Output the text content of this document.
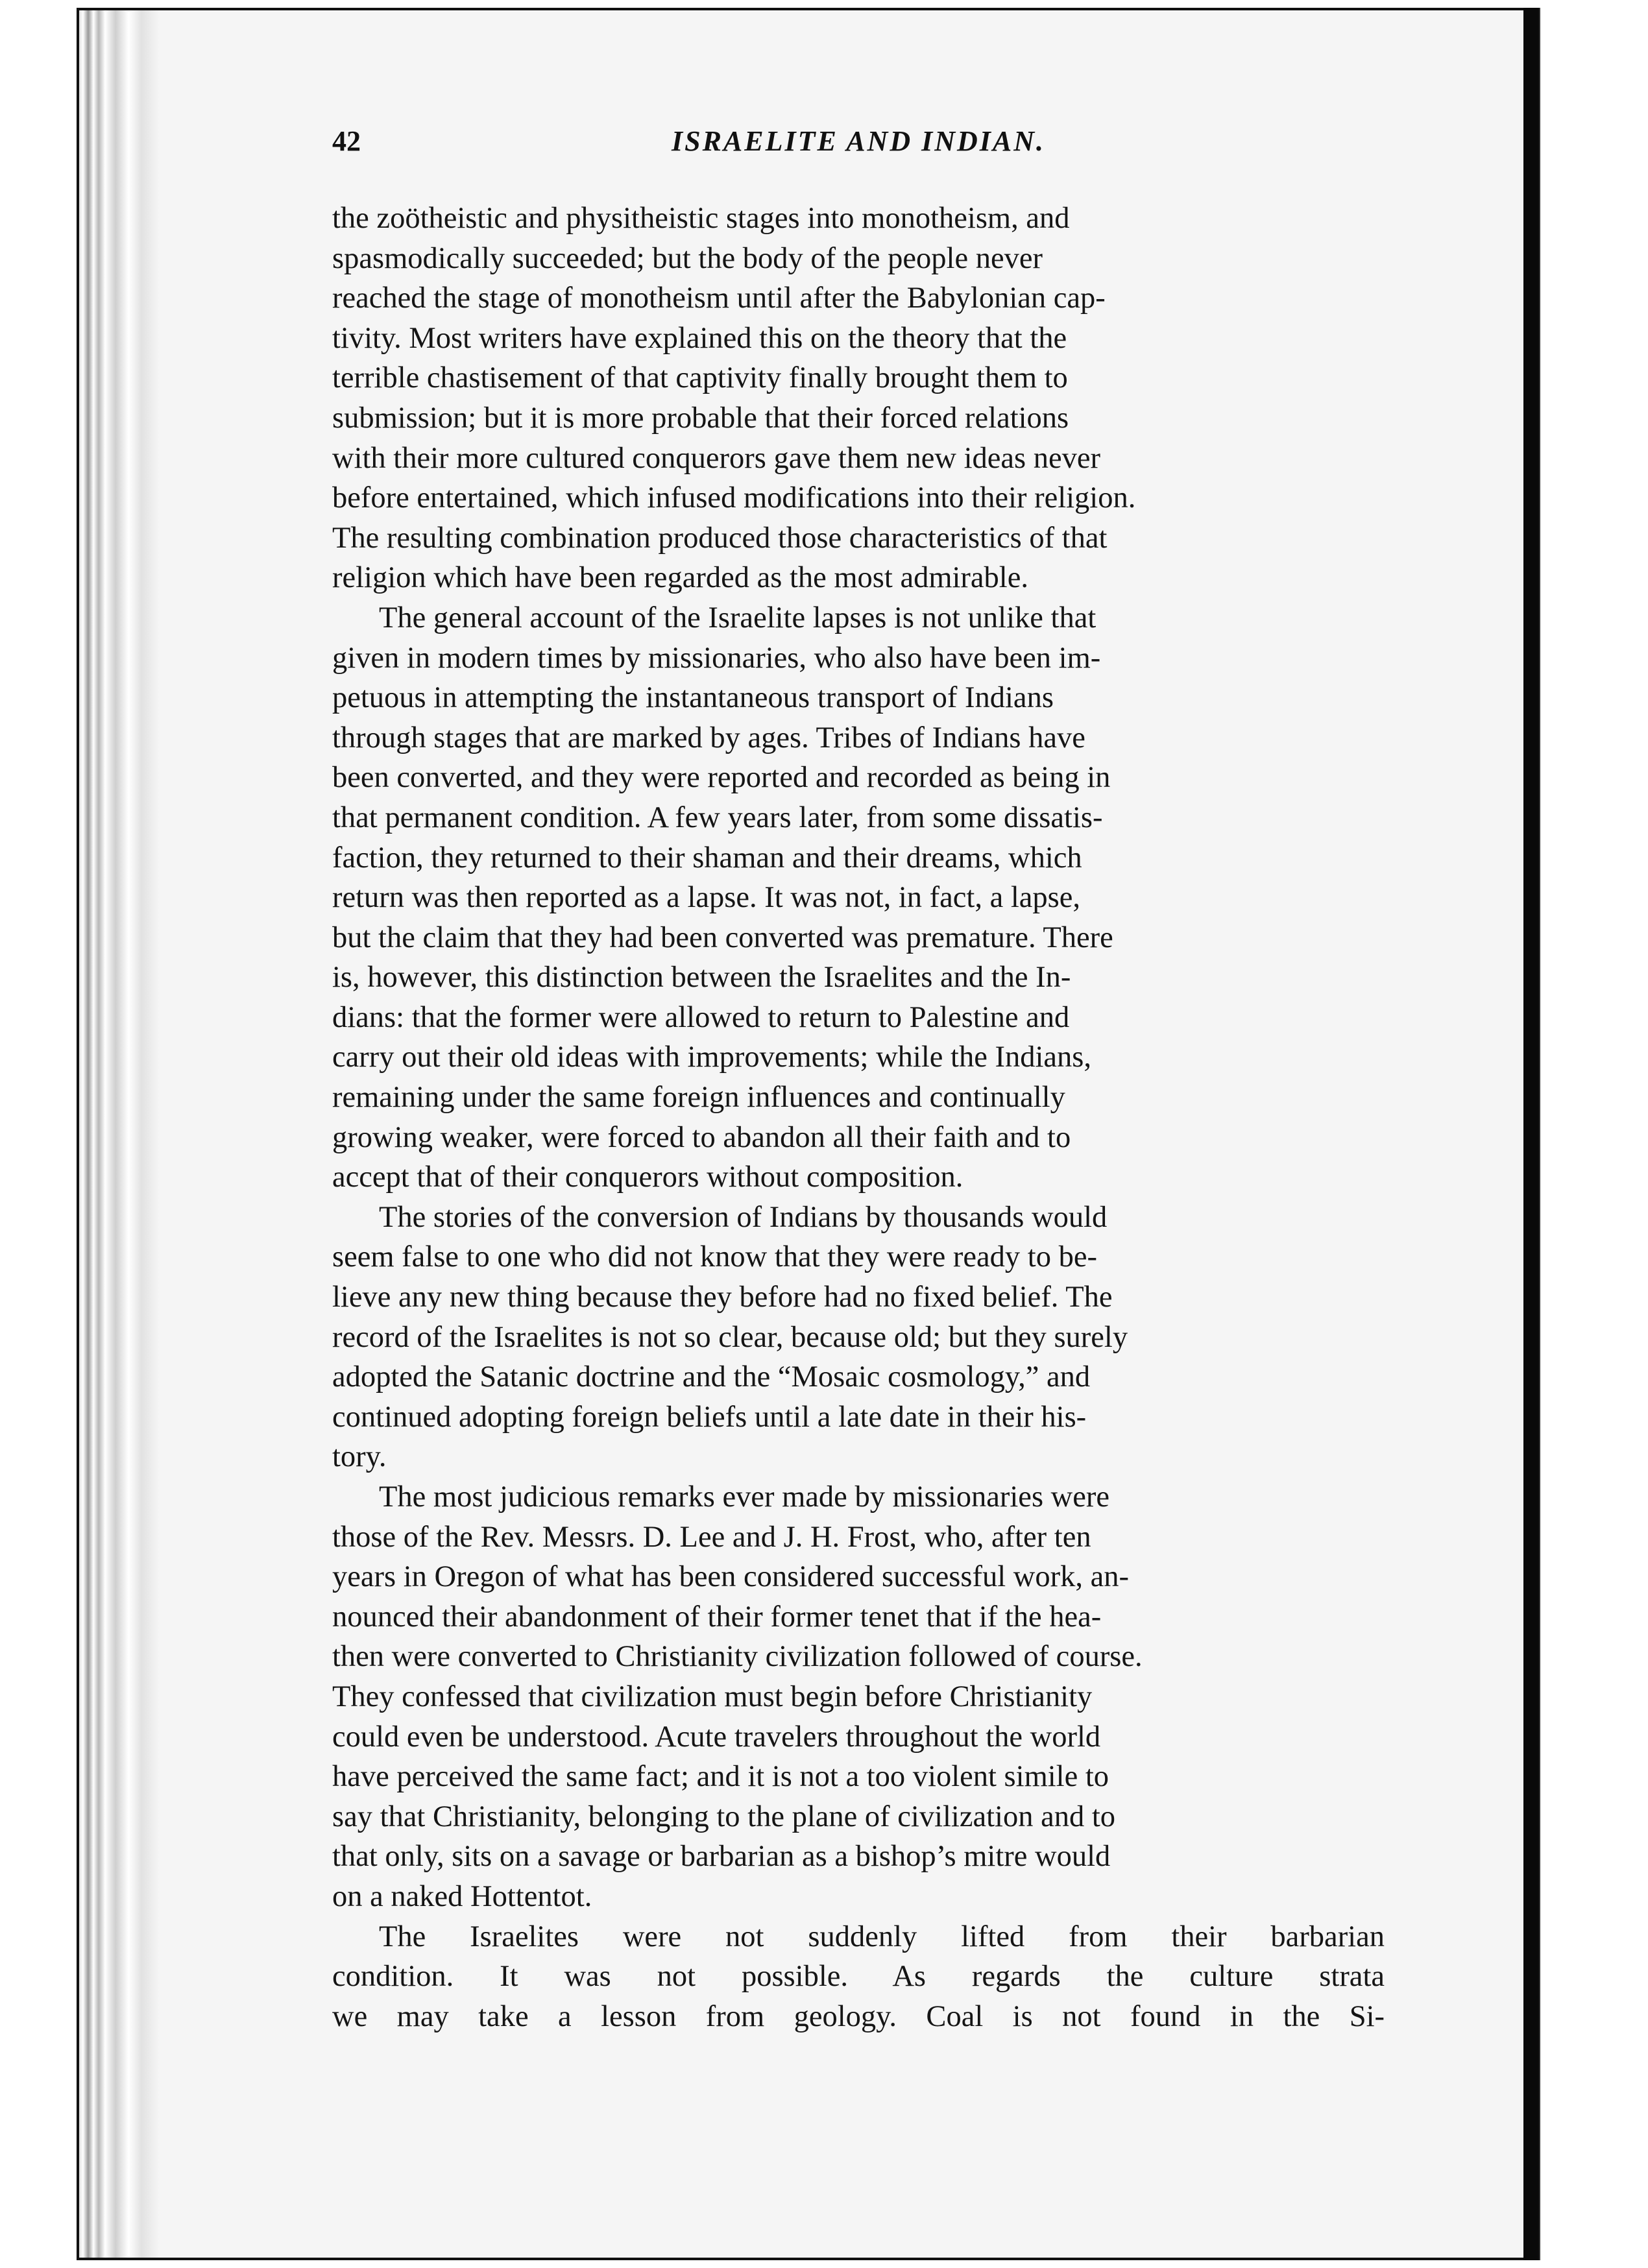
42	ISRAELITE AND INDIAN.

the zoötheistic and physitheistic stages into monotheism, and
spasmodically succeeded; but the body of the people never
reached the stage of monotheism until after the Babylonian cap-
tivity. Most writers have explained this on the theory that the
terrible chastisement of that captivity finally brought them to
submission; but it is more probable that their forced relations
with their more cultured conquerors gave them new ideas never
before entertained, which infused modifications into their religion.
The resulting combination produced those characteristics of that
religion which have been regarded as the most admirable.

The general account of the Israelite lapses is not unlike that
given in modern times by missionaries, who also have been im-
petuous in attempting the instantaneous transport of Indians
through stages that are marked by ages. Tribes of Indians have
been converted, and they were reported and recorded as being in
that permanent condition. A few years later, from some dissatis-
faction, they returned to their shaman and their dreams, which
return was then reported as a lapse. It was not, in fact, a lapse,
but the claim that they had been converted was premature. There
is, however, this distinction between the Israelites and the In-
dians: that the former were allowed to return to Palestine and
carry out their old ideas with improvements; while the Indians,
remaining under the same foreign influences and continually
growing weaker, were forced to abandon all their faith and to
accept that of their conquerors without composition.

The stories of the conversion of Indians by thousands would
seem false to one who did not know that they were ready to be-
lieve any new thing because they before had no fixed belief. The
record of the Israelites is not so clear, because old; but they surely
adopted the Satanic doctrine and the “Mosaic cosmology,” and
continued adopting foreign beliefs until a late date in their his-
tory.

The most judicious remarks ever made by missionaries were
those of the Rev. Messrs. D. Lee and J. H. Frost, who, after ten
years in Oregon of what has been considered successful work, an-
nounced their abandonment of their former tenet that if the hea-
then were converted to Christianity civilization followed of course.
They confessed that civilization must begin before Christianity
could even be understood. Acute travelers throughout the world
have perceived the same fact; and it is not a too violent simile to
say that Christianity, belonging to the plane of civilization and to
that only, sits on a savage or barbarian as a bishop’s mitre would
on a naked Hottentot.

The Israelites were not suddenly lifted from their barbarian
condition. It was not possible. As regards the culture strata
we may take a lesson from geology. Coal is not found in the Si-
